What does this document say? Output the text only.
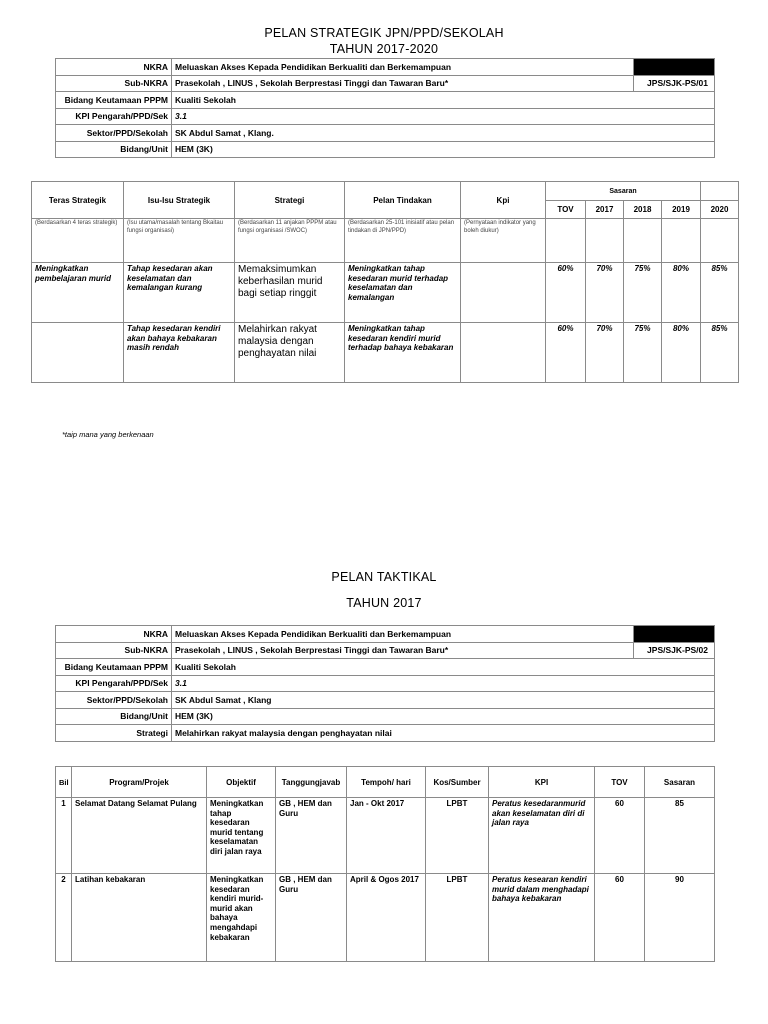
PELAN STRATEGIK JPN/PPD/SEKOLAH
TAHUN 2017-2020
NKRA	Meluaskan Akses Kepada Pendidikan Berkualiti dan Berkemampuan	
Sub-NKRA	Prasekolah , LINUS , Sekolah Berprestasi Tinggi dan Tawaran Baru*	JPS/SJK-PS/01
Bidang Keutamaan PPPM	Kualiti Sekolah	
KPI Pengarah/PPD/Sek	3.1	
Sektor/PPD/Sekolah	SK Abdul Samat , Klang.	
Bidang/Unit	HEM (3K)	
Teras Strategik	Isu-Isu Strategik	Strategi	Pelan Tindakan	Kpi	Sasaran				
					TOV	2017	2018	2019	2020
(Berdasarkan 4 teras strategik)	(Isu utama/masalah tentang Bkaitau fungsi organisasi)	(Berdasarkan 11 anjakan PPPM atau fungsi organisasi /SWOC)	(Berdasarkan 25-101 inisiatif atau pelan tindakan di JPN/PPD)	(Pernyataan indikator yang boleh diukur)					
Meningkatkan pembelajaran murid	Tahap kesedaran akan keselamatan dan kemalangan kurang	Memaksimumkan keberhasilan murid bagi setiap ringgit	Meningkatkan tahap kesedaran murid terhadap keselamatan dan kemalangan		60%	70%	75%	80%	85%
	Tahap kesedaran kendiri akan bahaya kebakaran masih rendah	Melahirkan rakyat malaysia dengan penghayatan nilai	Meningkatkan tahap kesedaran kendiri murid terhadap bahaya kebakaran		60%	70%	75%	80%	85%
*taip mana yang berkenaan
PELAN TAKTIKAL
TAHUN 2017
NKRA	Meluaskan Akses Kepada Pendidikan Berkualiti dan Berkemampuan	
Sub-NKRA	Prasekolah , LINUS , Sekolah Berprestasi Tinggi dan Tawaran Baru*	JPS/SJK-PS/02
Bidang Keutamaan PPPM	Kualiti Sekolah	
KPI Pengarah/PPD/Sek	3.1	
Sektor/PPD/Sekolah	SK Abdul Samat , Klang	
Bidang/Unit	HEM (3K)	
Strategi	Melahirkan rakyat malaysia dengan penghayatan nilai	
Bil	Program/Projek	Objektif	Tanggungjavab	Tempoh/ hari	Kos/Sumber	KPI	TOV	Sasaran
1	Selamat Datang Selamat Pulang	Meningkatkan tahap kesedaran murid tentang keselamatan diri jalan raya	GB , HEM dan Guru	Jan - Okt 2017	LPBT	Peratus kesedaranmurid akan keselamatan diri di jalan raya	60	85
2	Latihan kebakaran	Meningkatkan kesedaran kendiri murid-murid akan bahaya mengahdapi kebakaran	GB , HEM dan Guru	April & Ogos 2017	LPBT	Peratus kesearan kendiri murid dalam menghadapi bahaya kebakaran	60	90
